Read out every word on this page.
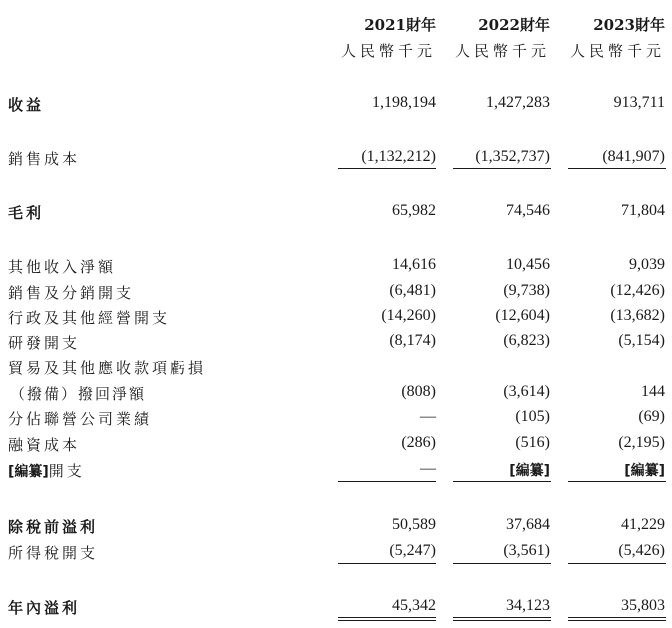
2021財年	2022財年	2023財年
人民幣千元 人民幣千元 人民幣千元
收益	1,198,194	1,427,283	913,711
銷售成本	(1,132,212) (1,352,737)	(841,907)
毛利	65,982	74,546	71,804
其他收入淨額	14,616	10,456	9,039
銷售及分銷開支	(6,481)	(9,738)	(12,426)
行政及其他經營開支	(14,260)	(12,604)	(13,682)
研發開支	(8,174)	(6,823)	(5,154)
貿易及其他應收款項虧損
（撥備）撥回淨額	(808)	(3,614)	144
分佔聯營公司業績	—	(105)	(69)
融資成本	(286)	(516)	(2,195)
[編纂]開支	—	[編纂]	[編纂]
除稅前溢利	50,589	37,684	41,229
所得稅開支	(5,247)	(3,561)	(5,426)
年內溢利	45,342	34,123	35,803
